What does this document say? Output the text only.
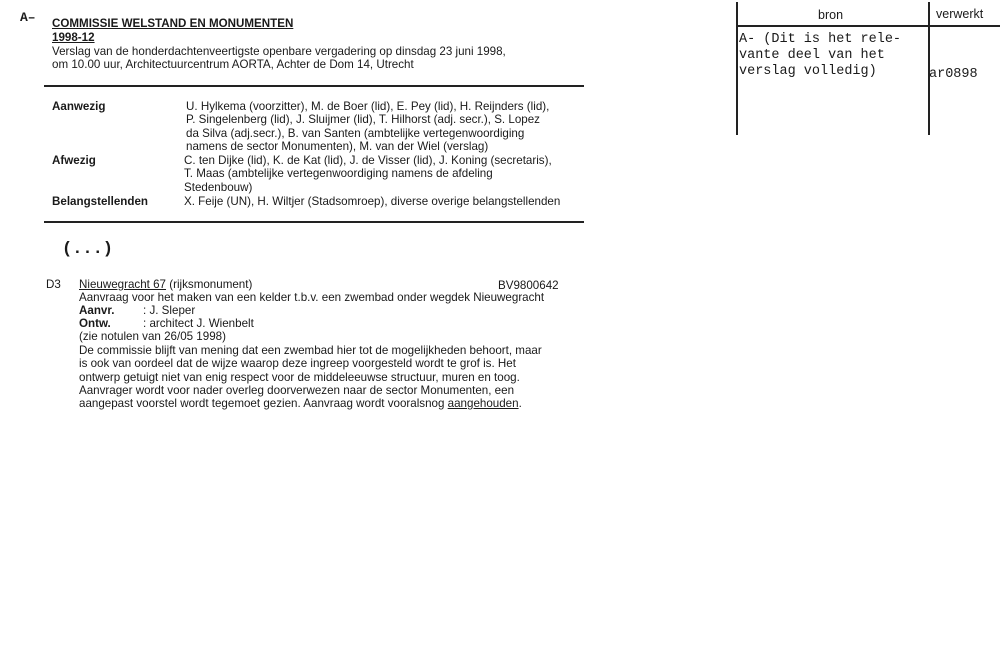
A– COMMISSIE WELSTAND EN MONUMENTEN
1998-12
Verslag van de honderdachtenveertigste openbare vergadering op dinsdag 23 juni 1998,
om 10.00 uur, Architectuurcentrum AORTA, Achter de Dom 14, Utrecht
Aanwezig	U. Hylkema (voorzitter), M. de Boer (lid), E. Pey (lid), H. Reijnders (lid),
P. Singelenberg (lid), J. Sluijmer (lid), T. Hilhorst (adj. secr.), S. Lopez
da Silva (adj.secr.), B. van Santen (ambtelijke vertegenwoordiging
namens de sector Monumenten), M. van der Wiel (verslag)
Afwezig	C. ten Dijke (lid), K. de Kat (lid), J. de Visser (lid), J. Koning (secretaris),
T. Maas (ambtelijke vertegenwoordiging namens de afdeling
Stedenbouw)
Belangstellenden	X. Feije (UN), H. Wiltjer (Stadsomroep), diverse overige belangstellenden
(...)
D3 Nieuwegracht 67 (rijksmonument)	BV9800642
Aanvraag voor het maken van een kelder t.b.v. een zwembad onder wegdek Nieuwegracht
Aanvr. : J. Sleper
Ontw.	: architect J. Wienbelt
(zie notulen van 26/05 1998)
De commissie blijft van mening dat een zwembad hier tot de mogelijkheden behoort, maar
is ook van oordeel dat de wijze waarop deze ingreep voorgesteld wordt te grof is. Het
ontwerp getuigt niet van enig respect voor de middeleeuwse structuur, muren en toog.
Aanvrager wordt voor nader overleg doorverwezen naar de sector Monumenten, een
aangepast voorstel wordt tegemoet gezien. Aanvraag wordt vooralsnog aangehouden.
bron	verwerkt
A- (Dit is het rele-
vante deel van het
verslag volledig)	ar0898
